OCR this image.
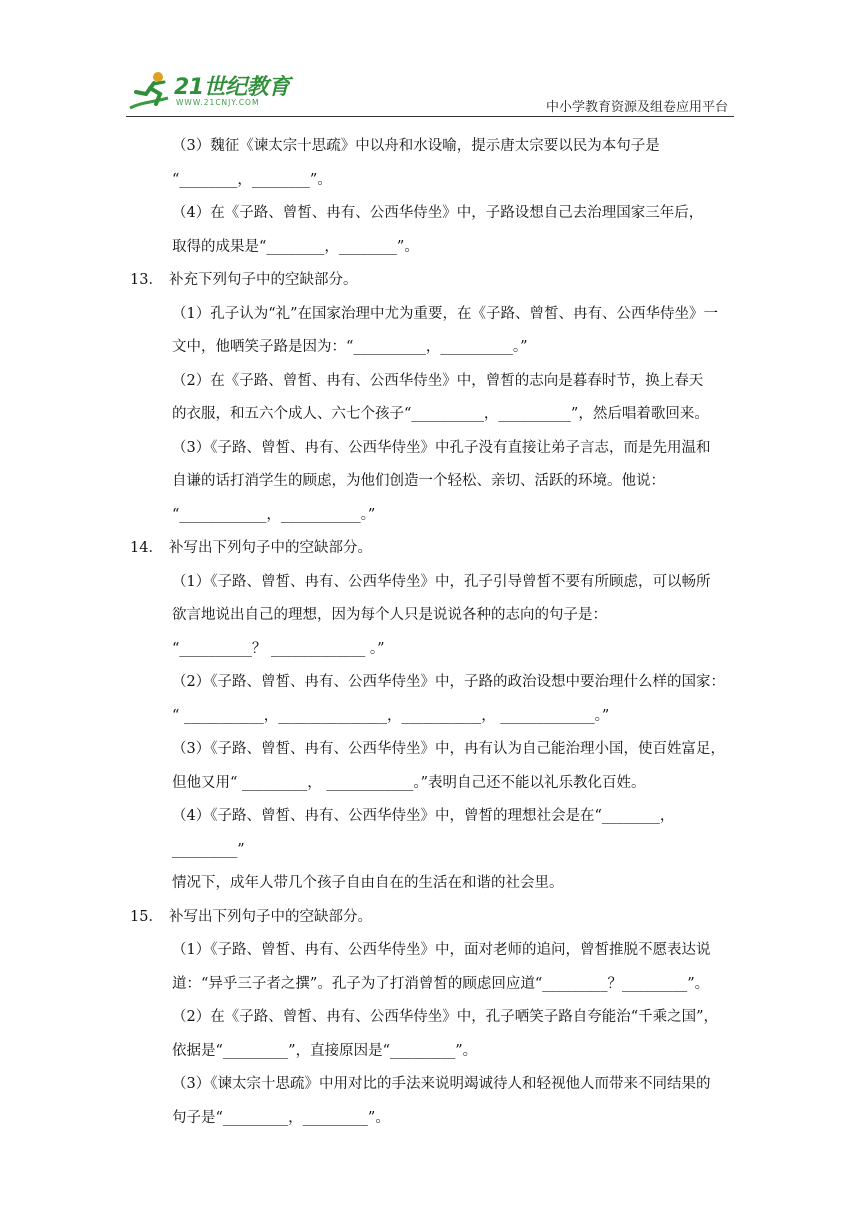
21世纪教育
WWW.21CNJY.COM	中小学教育资源及组卷应用平台

（3）魏征《谏太宗十思疏》中以舟和水设喻，提示唐太宗要以民为本句子是

“________，________”。

（4）在《子路、曾皙、冉有、公西华侍坐》中，子路设想自己去治理国家三年后，

取得的成果是“________，________”。

13． 补充下列句子中的空缺部分。

（1）孔子认为“礼”在国家治理中尤为重要，在《子路、曾皙、冉有、公西华侍坐》一

文中，他哂笑子路是因为：“__________，__________。”

（2）在《子路、曾皙、冉有、公西华侍坐》中，曾皙的志向是暮春时节，换上春天

的衣服，和五六个成人、六七个孩子“__________，__________”，然后唱着歌回来。

（3）《子路、曾皙、冉有、公西华侍坐》中孔子没有直接让弟子言志，而是先用温和

自谦的话打消学生的顾虑，为他们创造一个轻松、亲切、活跃的环境。他说：

“____________，___________。”

14． 补写出下列句子中的空缺部分。

（1）《子路、曾皙、冉有、公西华侍坐》中，孔子引导曾皙不要有所顾虑，可以畅所

欲言地说出自己的理想，因为每个人只是说说各种的志向的句子是：

“__________？ _____________ 。”

（2）《子路、曾皙、冉有、公西华侍坐》中，子路的政治设想中要治理什么样的国家：

“ ___________，_______________，___________， _____________。”

（3）《子路、曾皙、冉有、公西华侍坐》中，冉有认为自己能治理小国，使百姓富足，

但他又用“ _________， ____________。”表明自己还不能以礼乐教化百姓。

（4）《子路、曾皙、冉有、公西华侍坐》中，曾皙的理想社会是在“________，_________”

情况下，成年人带几个孩子自由自在的生活在和谐的社会里。

15． 补写出下列句子中的空缺部分。

（1）《子路、曾皙、冉有、公西华侍坐》中，面对老师的追问，曾皙推脱不愿表达说

道：“异乎三子者之撰”。孔子为了打消曾皙的顾虑回应道“_________？_________”。

（2）在《子路、曾皙、冉有、公西华侍坐》中，孔子哂笑子路自夸能治“千乘之国”，

依据是“_________”，直接原因是“_________”。

（3）《谏太宗十思疏》中用对比的手法来说明竭诚待人和轻视他人而带来不同结果的

句子是“_________，_________”。
